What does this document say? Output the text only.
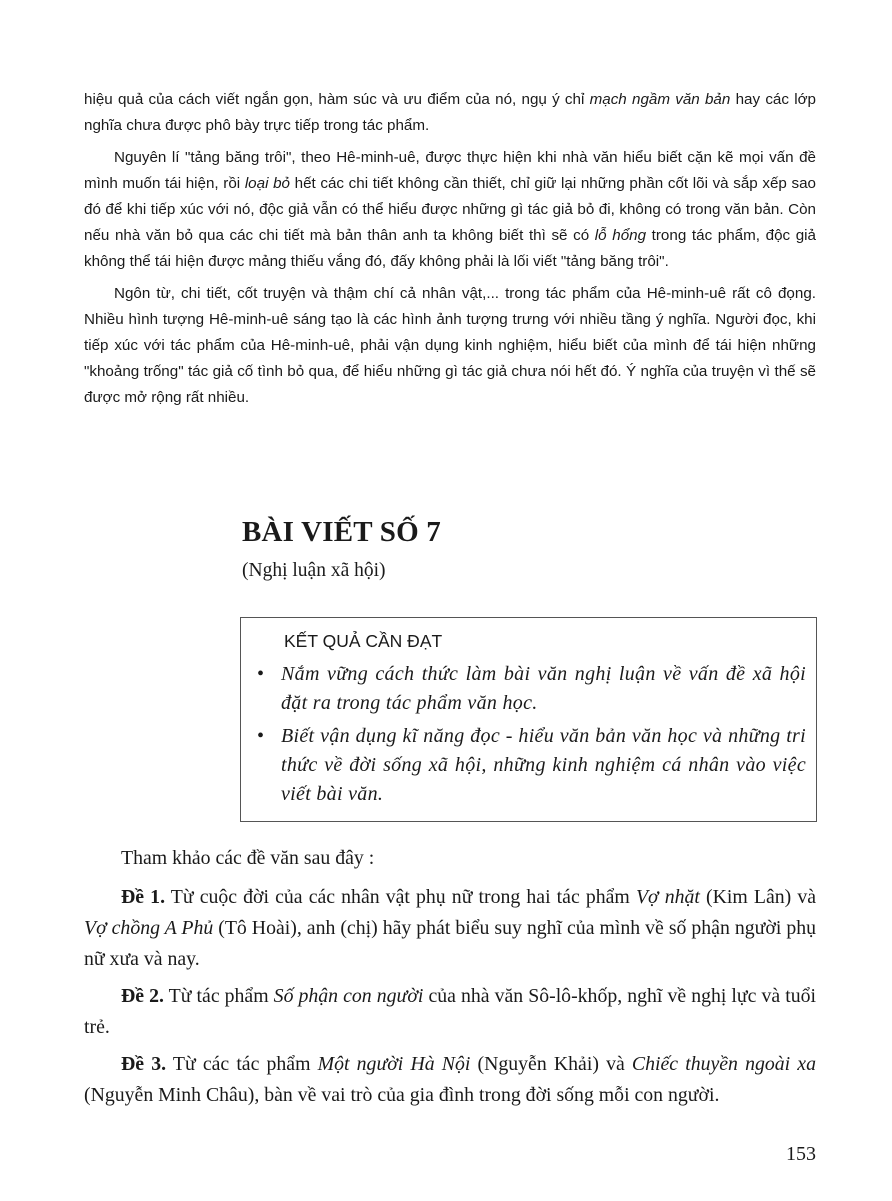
hiệu quả của cách viết ngắn gọn, hàm súc và ưu điểm của nó, ngụ ý chỉ mạch ngầm văn bản hay các lớp nghĩa chưa được phô bày trực tiếp trong tác phẩm.

Nguyên lí "tảng băng trôi", theo Hê-minh-uê, được thực hiện khi nhà văn hiểu biết cặn kẽ mọi vấn đề mình muốn tái hiện, rồi loại bỏ hết các chi tiết không cần thiết, chỉ giữ lại những phần cốt lõi và sắp xếp sao đó để khi tiếp xúc với nó, độc giả vẫn có thể hiểu được những gì tác giả bỏ đi, không có trong văn bản. Còn nếu nhà văn bỏ qua các chi tiết mà bản thân anh ta không biết thì sẽ có lỗ hổng trong tác phẩm, độc giả không thể tái hiện được mảng thiếu vắng đó, đấy không phải là lối viết "tảng băng trôi".

Ngôn từ, chi tiết, cốt truyện và thậm chí cả nhân vật,... trong tác phẩm của Hê-minh-uê rất cô đọng. Nhiều hình tượng Hê-minh-uê sáng tạo là các hình ảnh tượng trưng với nhiều tầng ý nghĩa. Người đọc, khi tiếp xúc với tác phẩm của Hê-minh-uê, phải vận dụng kinh nghiệm, hiểu biết của mình để tái hiện những "khoảng trống" tác giả cố tình bỏ qua, để hiểu những gì tác giả chưa nói hết đó. Ý nghĩa của truyện vì thế sẽ được mở rộng rất nhiều.

BÀI VIẾT SỐ 7
(Nghị luận xã hội)
KẾT QUẢ CẦN ĐẠT
• Nắm vững cách thức làm bài văn nghị luận về vấn đề xã hội đặt ra trong tác phẩm văn học.
• Biết vận dụng kĩ năng đọc - hiểu văn bản văn học và những tri thức về đời sống xã hội, những kinh nghiệm cá nhân vào việc viết bài văn.

Tham khảo các đề văn sau đây :

Đề 1. Từ cuộc đời của các nhân vật phụ nữ trong hai tác phẩm Vợ nhặt (Kim Lân) và Vợ chồng A Phủ (Tô Hoài), anh (chị) hãy phát biểu suy nghĩ của mình về số phận người phụ nữ xưa và nay.

Đề 2. Từ tác phẩm Số phận con người của nhà văn Sô-lô-khốp, nghĩ về nghị lực và tuổi trẻ.

Đề 3. Từ các tác phẩm Một người Hà Nội (Nguyễn Khải) và Chiếc thuyền ngoài xa (Nguyễn Minh Châu), bàn về vai trò của gia đình trong đời sống mỗi con người.

153
